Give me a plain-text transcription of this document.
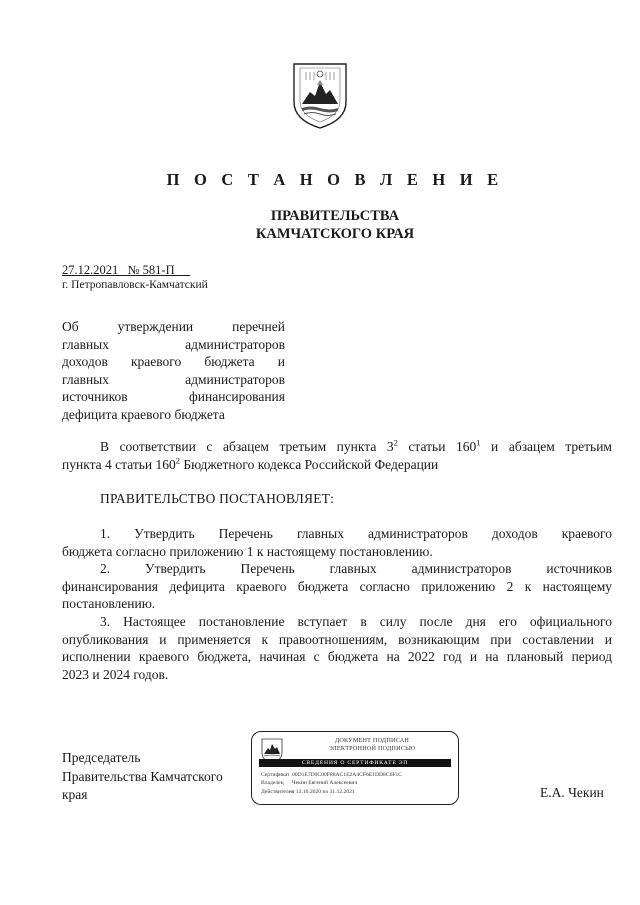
П О С Т А Н О В Л Е Н И Е
ПРАВИТЕЛЬСТВА
КАМЧАТСКОГО КРАЯ
27.12.2021   № 581-П
г. Петропавловск-Камчатский
Об утверждении перечней
главных администраторов
доходов краевого бюджета и
главных администраторов
источников финансирования
дефицита краевого бюджета
В соответствии с абзацем третьим пункта $3^2$ статьи $160^1$ и абзацем третьим
пункта 4 статьи $160^2$ Бюджетного кодекса Российской Федерации
ПРАВИТЕЛЬСТВО ПОСТАНОВЛЯЕТ:
1. Утвердить Перечень главных администраторов доходов краевого
бюджета согласно приложению 1 к настоящему постановлению.
2. Утвердить Перечень главных администраторов источников
финансирования дефицита краевого бюджета согласно приложению 2 к настоящему
постановлению.
3. Настоящее постановление вступает в силу после дня его официального
опубликования и применяется к правоотношениям, возникающим при составлении и
исполнении краевого бюджета, начиная с бюджета на 2022 год и на плановый период
2023 и 2024 годов.
Председатель
Правительства Камчатского
края
ДОКУМЕНТ ПОДПИСАН
ЭЛЕКТРОННОЙ ПОДПИСЬЮ
СВЕДЕНИЯ О СЕРТИФИКАТЕ ЭП
Сертификат 00D1E7D0C00F88AC1E2A4CF6E1DD8C6F1C
Владелец	Чекин Евгений Алексеевич
Действителен
с 13.10.2020 по 31.12.2021	Е.А. Чекин
